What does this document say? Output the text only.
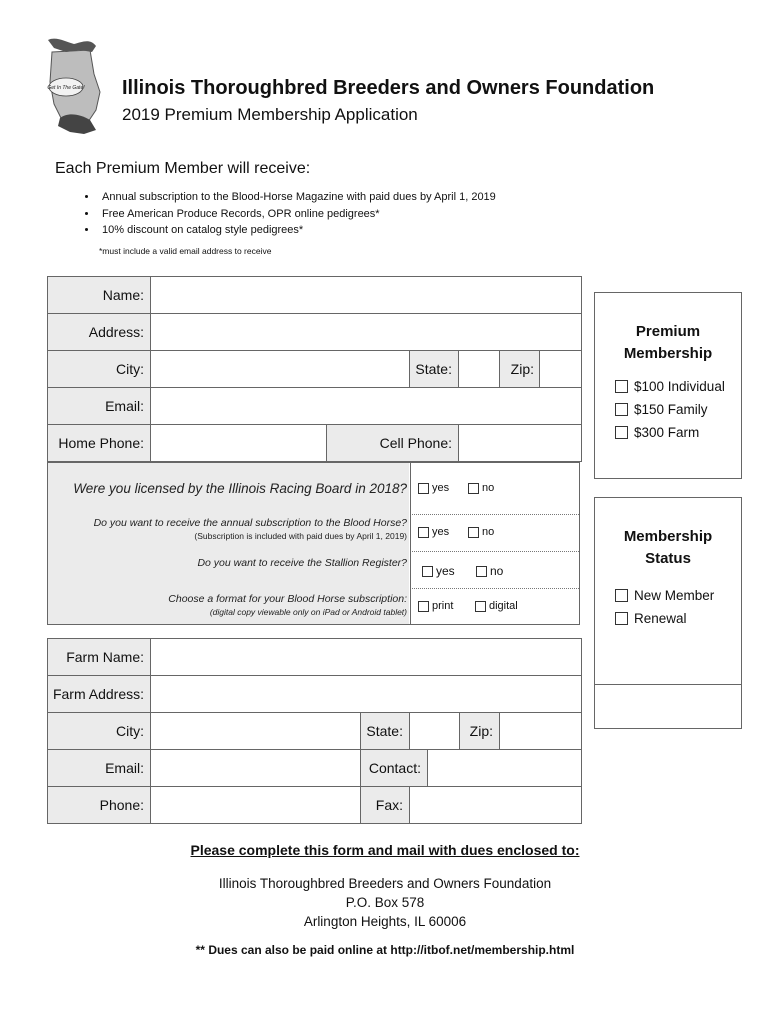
Get In The Gate! Illinois Thoroughbred Breeders and Owners Foundation
2019 Premium Membership Application
Each Premium Member will receive:
• Annual subscription to the Blood-Horse Magazine with paid dues by April 1, 2019
• Free American Produce Records, OPR online pedigrees*
• 10% discount on catalog style pedigrees*
*must include a valid email address to receive
Name:					
Address:					
City:			State:		Zip:

Email:					
Home Phone:		Cell Phone:			
Were you licensed by the Illinois Racing Board in 2018? yes	no
Do you want to receive the annual subscription to the Blood Horse?
(Subscription is included with paid dues by April 1, 2019) yes	no
Do you want to receive the Stallion Register?
yes	no
Choose a format for your Blood Horse subscription:
(digital copy viewable only on iPad or Android tablet) print	digital
Farm Name:						
Farm Address:						
City:		State:			Zip:	
Email:		Contact:				
Phone:		Fax:				
Premium Membership
$100 Individual
$150 Family
$300 Farm
Membership Status
New Member
Renewal
Please complete this form and mail with dues enclosed to:
Illinois Thoroughbred Breeders and Owners Foundation
P.O. Box 578
Arlington Heights, IL 60006
** Dues can also be paid online at http://itbof.net/membership.html
